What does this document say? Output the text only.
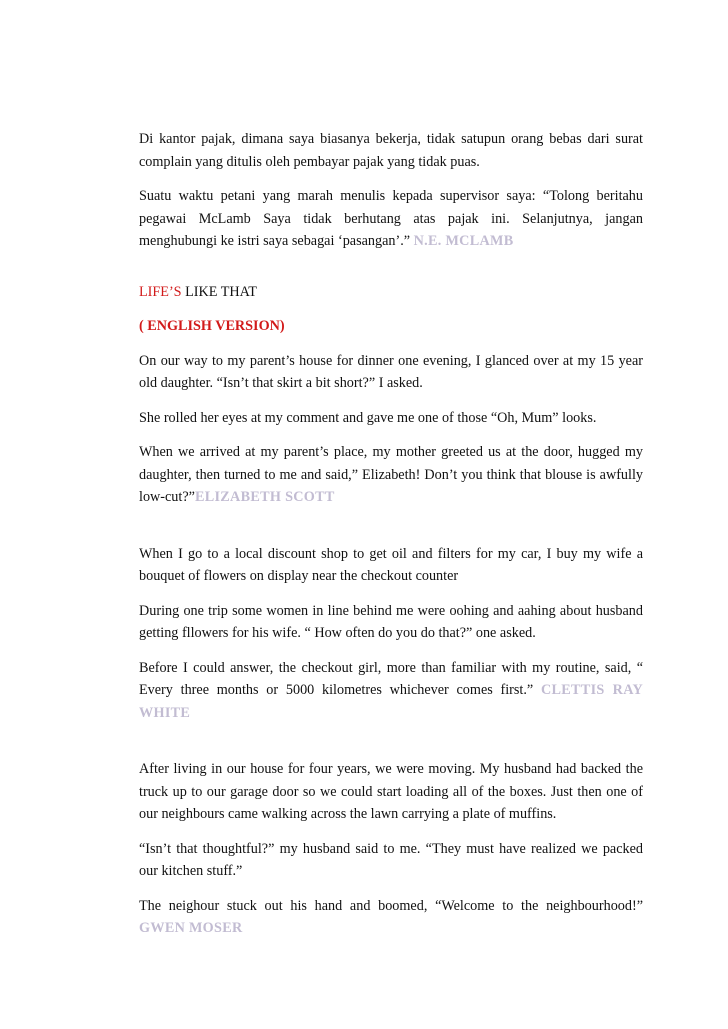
Di kantor pajak, dimana saya biasanya bekerja, tidak satupun orang bebas dari surat complain yang ditulis oleh pembayar pajak yang tidak puas.

Suatu waktu petani yang marah menulis kepada supervisor saya: “Tolong beritahu pegawai McLamb Saya tidak berhutang atas pajak ini. Selanjutnya, jangan menghubungi ke istri saya sebagai ‘pasangan’.” N.E. MCLAMB

LIFE’S LIKE THAT

( ENGLISH VERSION)

On our way to my parent’s house for dinner one evening, I glanced over at my 15 year old daughter. “Isn’t that skirt a bit short?” I asked.

She rolled her eyes at my comment and gave me one of those “Oh, Mum” looks.

When we arrived at my parent’s place, my mother greeted us at the door, hugged my daughter, then turned to me and said,” Elizabeth! Don’t you think that blouse is awfully low-cut?”ELIZABETH SCOTT

When I go to a local discount shop to get oil and filters for my car, I buy my wife a bouquet of flowers on display near the checkout counter

During one trip some women in line behind me were oohing and aahing about husband getting fllowers for his wife. “ How often do you do that?” one asked.

Before I could answer, the checkout girl, more than familiar with my routine, said, “ Every three months or 5000 kilometres whichever comes first.” CLETTIS RAY WHITE

After living in our house for four years, we were moving. My husband had backed the truck up to our garage door so we could start loading all of the boxes. Just then one of our neighbours came walking across the lawn carrying a plate of muffins.

“Isn’t that thoughtful?” my husband said to me. “They must have realized we packed our kitchen stuff.”

The neighour stuck out his hand and boomed, “Welcome to the neighbourhood!” GWEN MOSER
